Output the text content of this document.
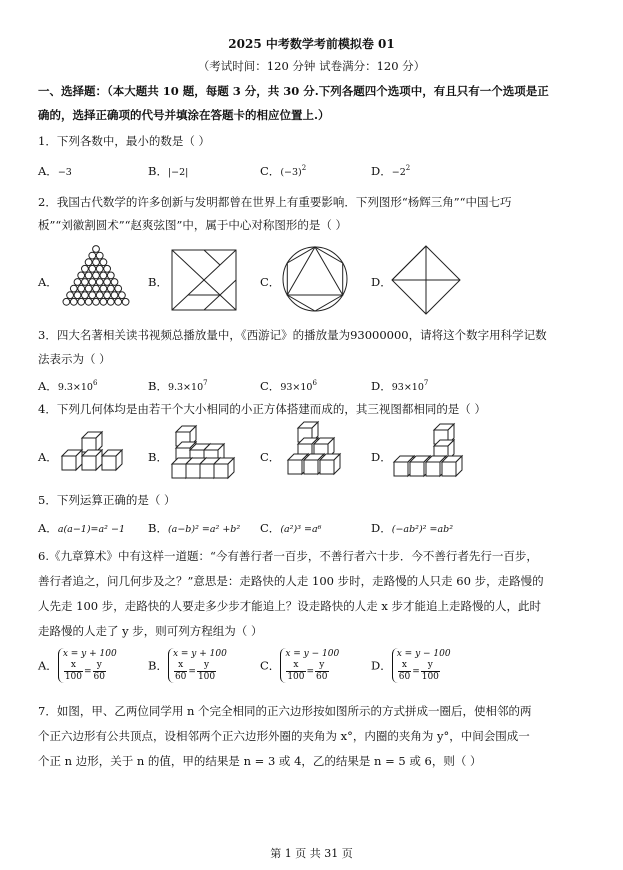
2025 中考数学考前模拟卷 01
（考试时间：120 分钟 试卷满分：120 分）
一、选择题：（本大题共 10 题，每题 3 分，共 30 分.下列各题四个选项中，有且只有一个选项是正
确的，选择正确项的代号并填涂在答题卡的相应位置上.）
1．下列各数中，最小的数是（ ）
A．−3	B．|−2|	C．$(-3)^2$	D．$-2^2$
2．我国古代数学的许多创新与发明都曾在世界上有重要影响．下列图形“杨辉三角”“中国七巧
板”“刘徽割圆术”“赵爽弦图”中，属于中心对称图形的是（ ）
A．	B．	C．	D．
3．四大名著相关读书视频总播放量中，《西游记》的播放量为93000000，请将这个数字用科学记数
法表示为（ ）
A．$9.3\times 10^6$	B．$9.3\times 10^7$	C．$93\times 10^6$	D．$93\times 10^7$
4．下列几何体均是由若干个大小相同的小正方体搭建而成的，其三视图都相同的是（ ）
A．	B．	C．	D．
5．下列运算正确的是（ ）
A．a(a−1)=a² −1 B．(a−b)² =a² +b² C．(a²)³ =a⁶	D．(−ab²)² =ab²
6.《九章算术》中有这样一道题：“今有善行者一百步，不善行者六十步．今不善行者先行一百步，
善行者追之，问几何步及之？”意思是：走路快的人走 100 步时，走路慢的人只走 60 步，走路慢的
人先走 100 步，走路快的人要走多少步才能追上？设走路快的人走 x 步才能追上走路慢的人，此时
走路慢的人走了 y 步，则可列方程组为（ ）
A．x = y + 100

$\frac{x}{100} = \frac{y}{60}$	B．x = y + 100

$\frac{x}{60} = \frac{y}{100}$	C．x = y − 100

$\frac{x}{100} = \frac{y}{60}$	D．x = y − 100

$\frac{x}{60} = \frac{y}{100}$
7．如图，甲、乙两位同学用 n 个完全相同的正六边形按如图所示的方式拼成一圈后，使相邻的两
个正六边形有公共顶点，设相邻两个正六边形外圈的夹角为 x°，内圈的夹角为 y°，中间会围成一
个正 n 边形，关于 n 的值，甲的结果是 n = 3 或 4，乙的结果是 n = 5 或 6，则（ ）
第 1 页 共 31 页
